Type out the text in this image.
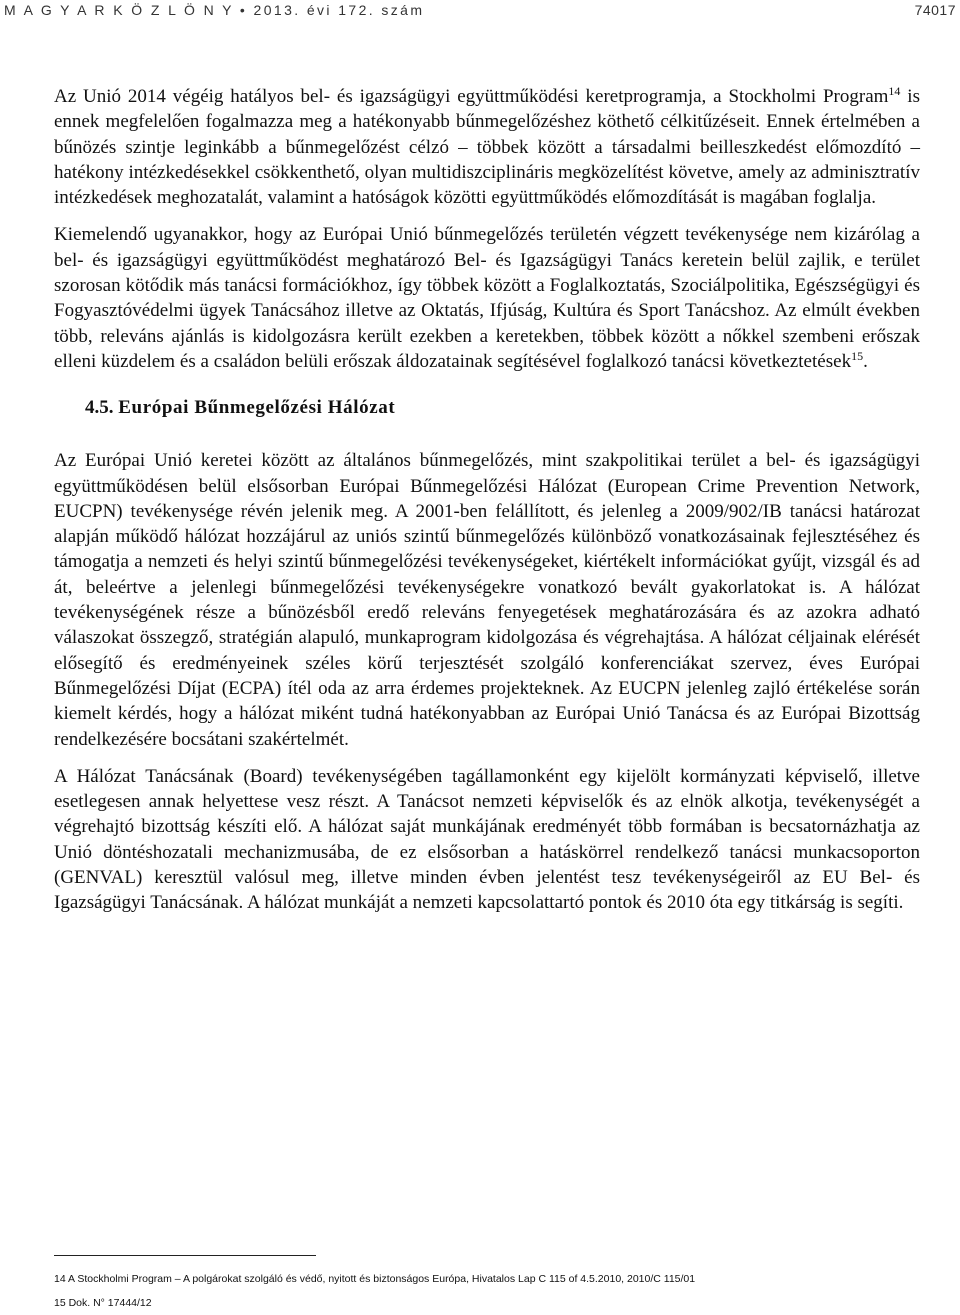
M A G Y A R K Ö Z L Ö N Y • 2013. évi 172. szám	74017

Az Unió 2014 végéig hatályos bel- és igazságügyi együttműködési keretprogramja, a Stockholmi Program$^{14}$ is ennek megfelelően fogalmazza meg a hatékonyabb bűnmegelőzéshez köthető célkitűzéseit. Ennek értelmében a bűnözés szintje leginkább a bűnmegelőzést célzó – többek között a társadalmi beilleszkedést előmozdító – hatékony intézkedésekkel csökkenthető, olyan multidiszciplináris megközelítést követve, amely az adminisztratív intézkedések meghozatalát, valamint a hatóságok közötti együttműködés előmozdítását is magában foglalja.

Kiemelendő ugyanakkor, hogy az Európai Unió bűnmegelőzés területén végzett tevékenysége nem kizárólag a bel- és igazságügyi együttműködést meghatározó Bel- és Igazságügyi Tanács keretein belül zajlik, e terület szorosan kötődik más tanácsi formációkhoz, így többek között a Foglalkoztatás, Szociálpolitika, Egészségügyi és Fogyasztóvédelmi ügyek Tanácsához illetve az Oktatás, Ifjúság, Kultúra és Sport Tanácshoz. Az elmúlt években több, releváns ajánlás is kidolgozásra került ezekben a keretekben, többek között a nőkkel szembeni erőszak elleni küzdelem és a családon belüli erőszak áldozatainak segítésével foglalkozó tanácsi következtetések$^{15}$.

4.5. Európai Bűnmegelőzési Hálózat

Az Európai Unió keretei között az általános bűnmegelőzés, mint szakpolitikai terület a bel- és igazságügyi együttműködésen belül elsősorban Európai Bűnmegelőzési Hálózat (European Crime Prevention Network, EUCPN) tevékenysége révén jelenik meg. A 2001-ben felállított, és jelenleg a 2009/902/IB tanácsi határozat alapján működő hálózat hozzájárul az uniós szintű bűnmegelőzés különböző vonatkozásainak fejlesztéséhez és támogatja a nemzeti és helyi szintű bűnmegelőzési tevékenységeket, kiértékelt információkat gyűjt, vizsgál és ad át, beleértve a jelenlegi bűnmegelőzési tevékenységekre vonatkozó bevált gyakorlatokat is. A hálózat tevékenységének része a bűnözésből eredő releváns fenyegetések meghatározására és az azokra adható válaszokat összegző, stratégián alapuló, munkaprogram kidolgozása és végrehajtása. A hálózat céljainak elérését elősegítő és eredményeinek széles körű terjesztését szolgáló konferenciákat szervez, éves Európai Bűnmegelőzési Díjat (ECPA) ítél oda az arra érdemes projekteknek. Az EUCPN jelenleg zajló értékelése során kiemelt kérdés, hogy a hálózat miként tudná hatékonyabban az Európai Unió Tanácsa és az Európai Bizottság rendelkezésére bocsátani szakértelmét.

A Hálózat Tanácsának (Board) tevékenységében tagállamonként egy kijelölt kormányzati képviselő, illetve esetlegesen annak helyettese vesz részt. A Tanácsot nemzeti képviselők és az elnök alkotja, tevékenységét a végrehajtó bizottság készíti elő. A hálózat saját munkájának eredményét több formában is becsatornázhatja az Unió döntéshozatali mechanizmusába, de ez elsősorban a hatáskörrel rendelkező tanácsi munkacsoporton (GENVAL) keresztül valósul meg, illetve minden évben jelentést tesz tevékenységeiről az EU Bel- és Igazságügyi Tanácsának. A hálózat munkáját a nemzeti kapcsolattartó pontok és 2010 óta egy titkárság is segíti.

14 A Stockholmi Program – A polgárokat szolgáló és védő, nyitott és biztonságos Európa, Hivatalos Lap C 115 of 4.5.2010, 2010/C 115/01
15 Dok. N° 17444/12
